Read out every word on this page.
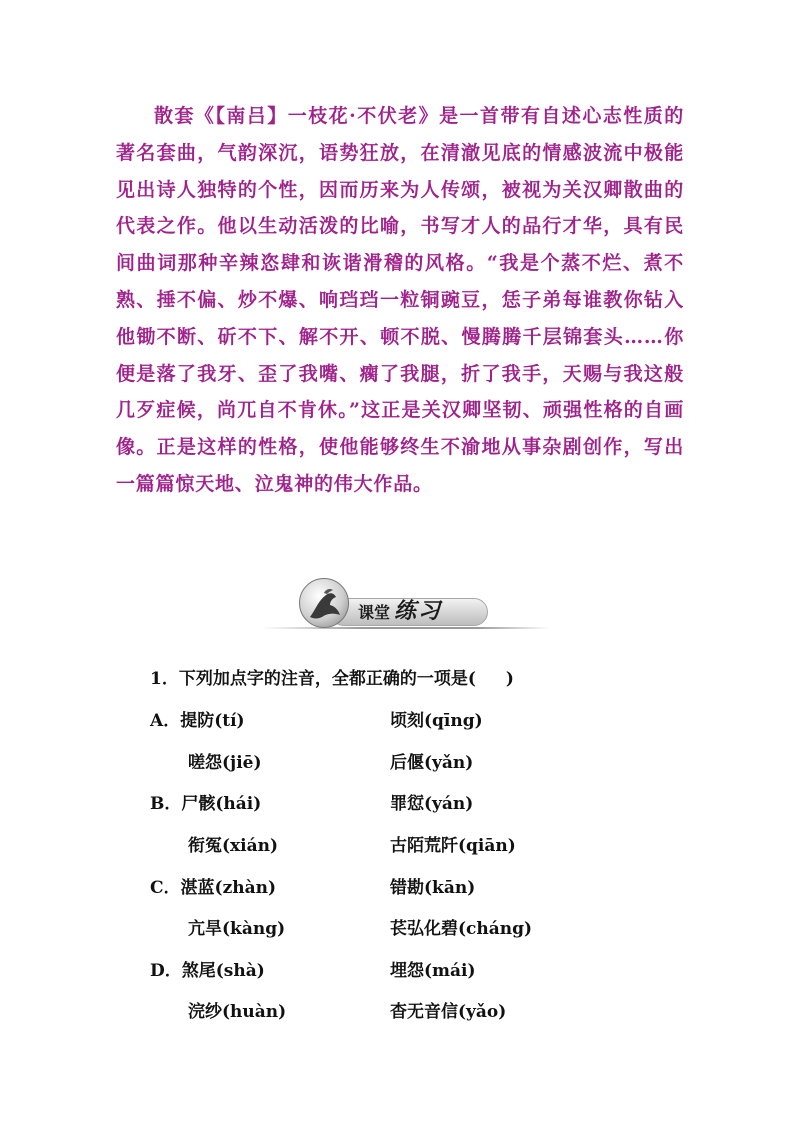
散套《【南吕】一枝花·不伏老》是一首带有自述心志性质的著名套曲，气韵深沉，语势狂放，在清澈见底的情感波流中极能见出诗人独特的个性，因而历来为人传颂，被视为关汉卿散曲的代表之作。他以生动活泼的比喻，书写才人的品行才华，具有民间曲词那种辛辣恣肆和诙谐滑稽的风格。“我是个蒸不烂、煮不熟、捶不偏、炒不爆、响珰珰一粒铜豌豆，恁子弟每谁教你钻入他锄不断、斫不下、解不开、顿不脱、慢腾腾千层锦套头……你便是落了我牙、歪了我嘴、瘸了我腿，折了我手，天赐与我这般几歹症候，尚兀自不肯休。”这正是关汉卿坚韧、顽强性格的自画像。正是这样的性格，使他能够终生不渝地从事杂剧创作，写出一篇篇惊天地、泣鬼神的伟大作品。
课堂 练习
1．下列加点字的注音，全都正确的一项是( )
A．提防(tí)	顷刻(qīng)
嗟怨(jiē)	后偃(yǎn)
B．尸骸(hái)	罪愆(yán)
衔冤(xián)	古陌荒阡(qiān)
C．湛蓝(zhàn)	错勘(kān)
亢旱(kàng)	苌弘化碧(cháng)
D．煞尾(shà)	埋怨(mái)
浣纱(huàn)	杳无音信(yǎo)
